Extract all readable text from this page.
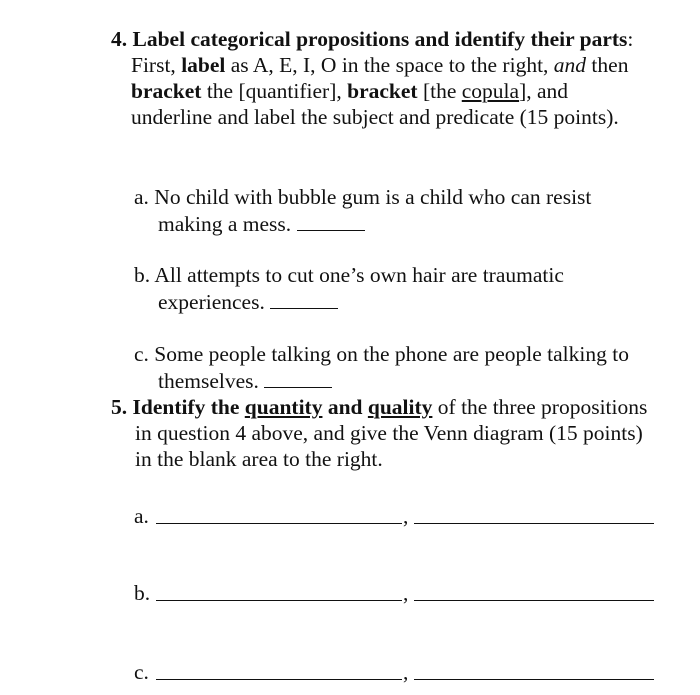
4. Label categorical propositions and identify their parts: First, label as A, E, I, O in the space to the right, and then bracket the [quantifier], bracket [the copula], and underline and label the subject and predicate (15 points).
a. No child with bubble gum is a child who can resist making a mess.
b. All attempts to cut one’s own hair are traumatic experiences.
c. Some people talking on the phone are people talking to themselves.
5. Identify the quantity and quality of the three propositions in question 4 above, and give the Venn diagram (15 points) in the blank area to the right.
a.	,
b.	,
c.	,
